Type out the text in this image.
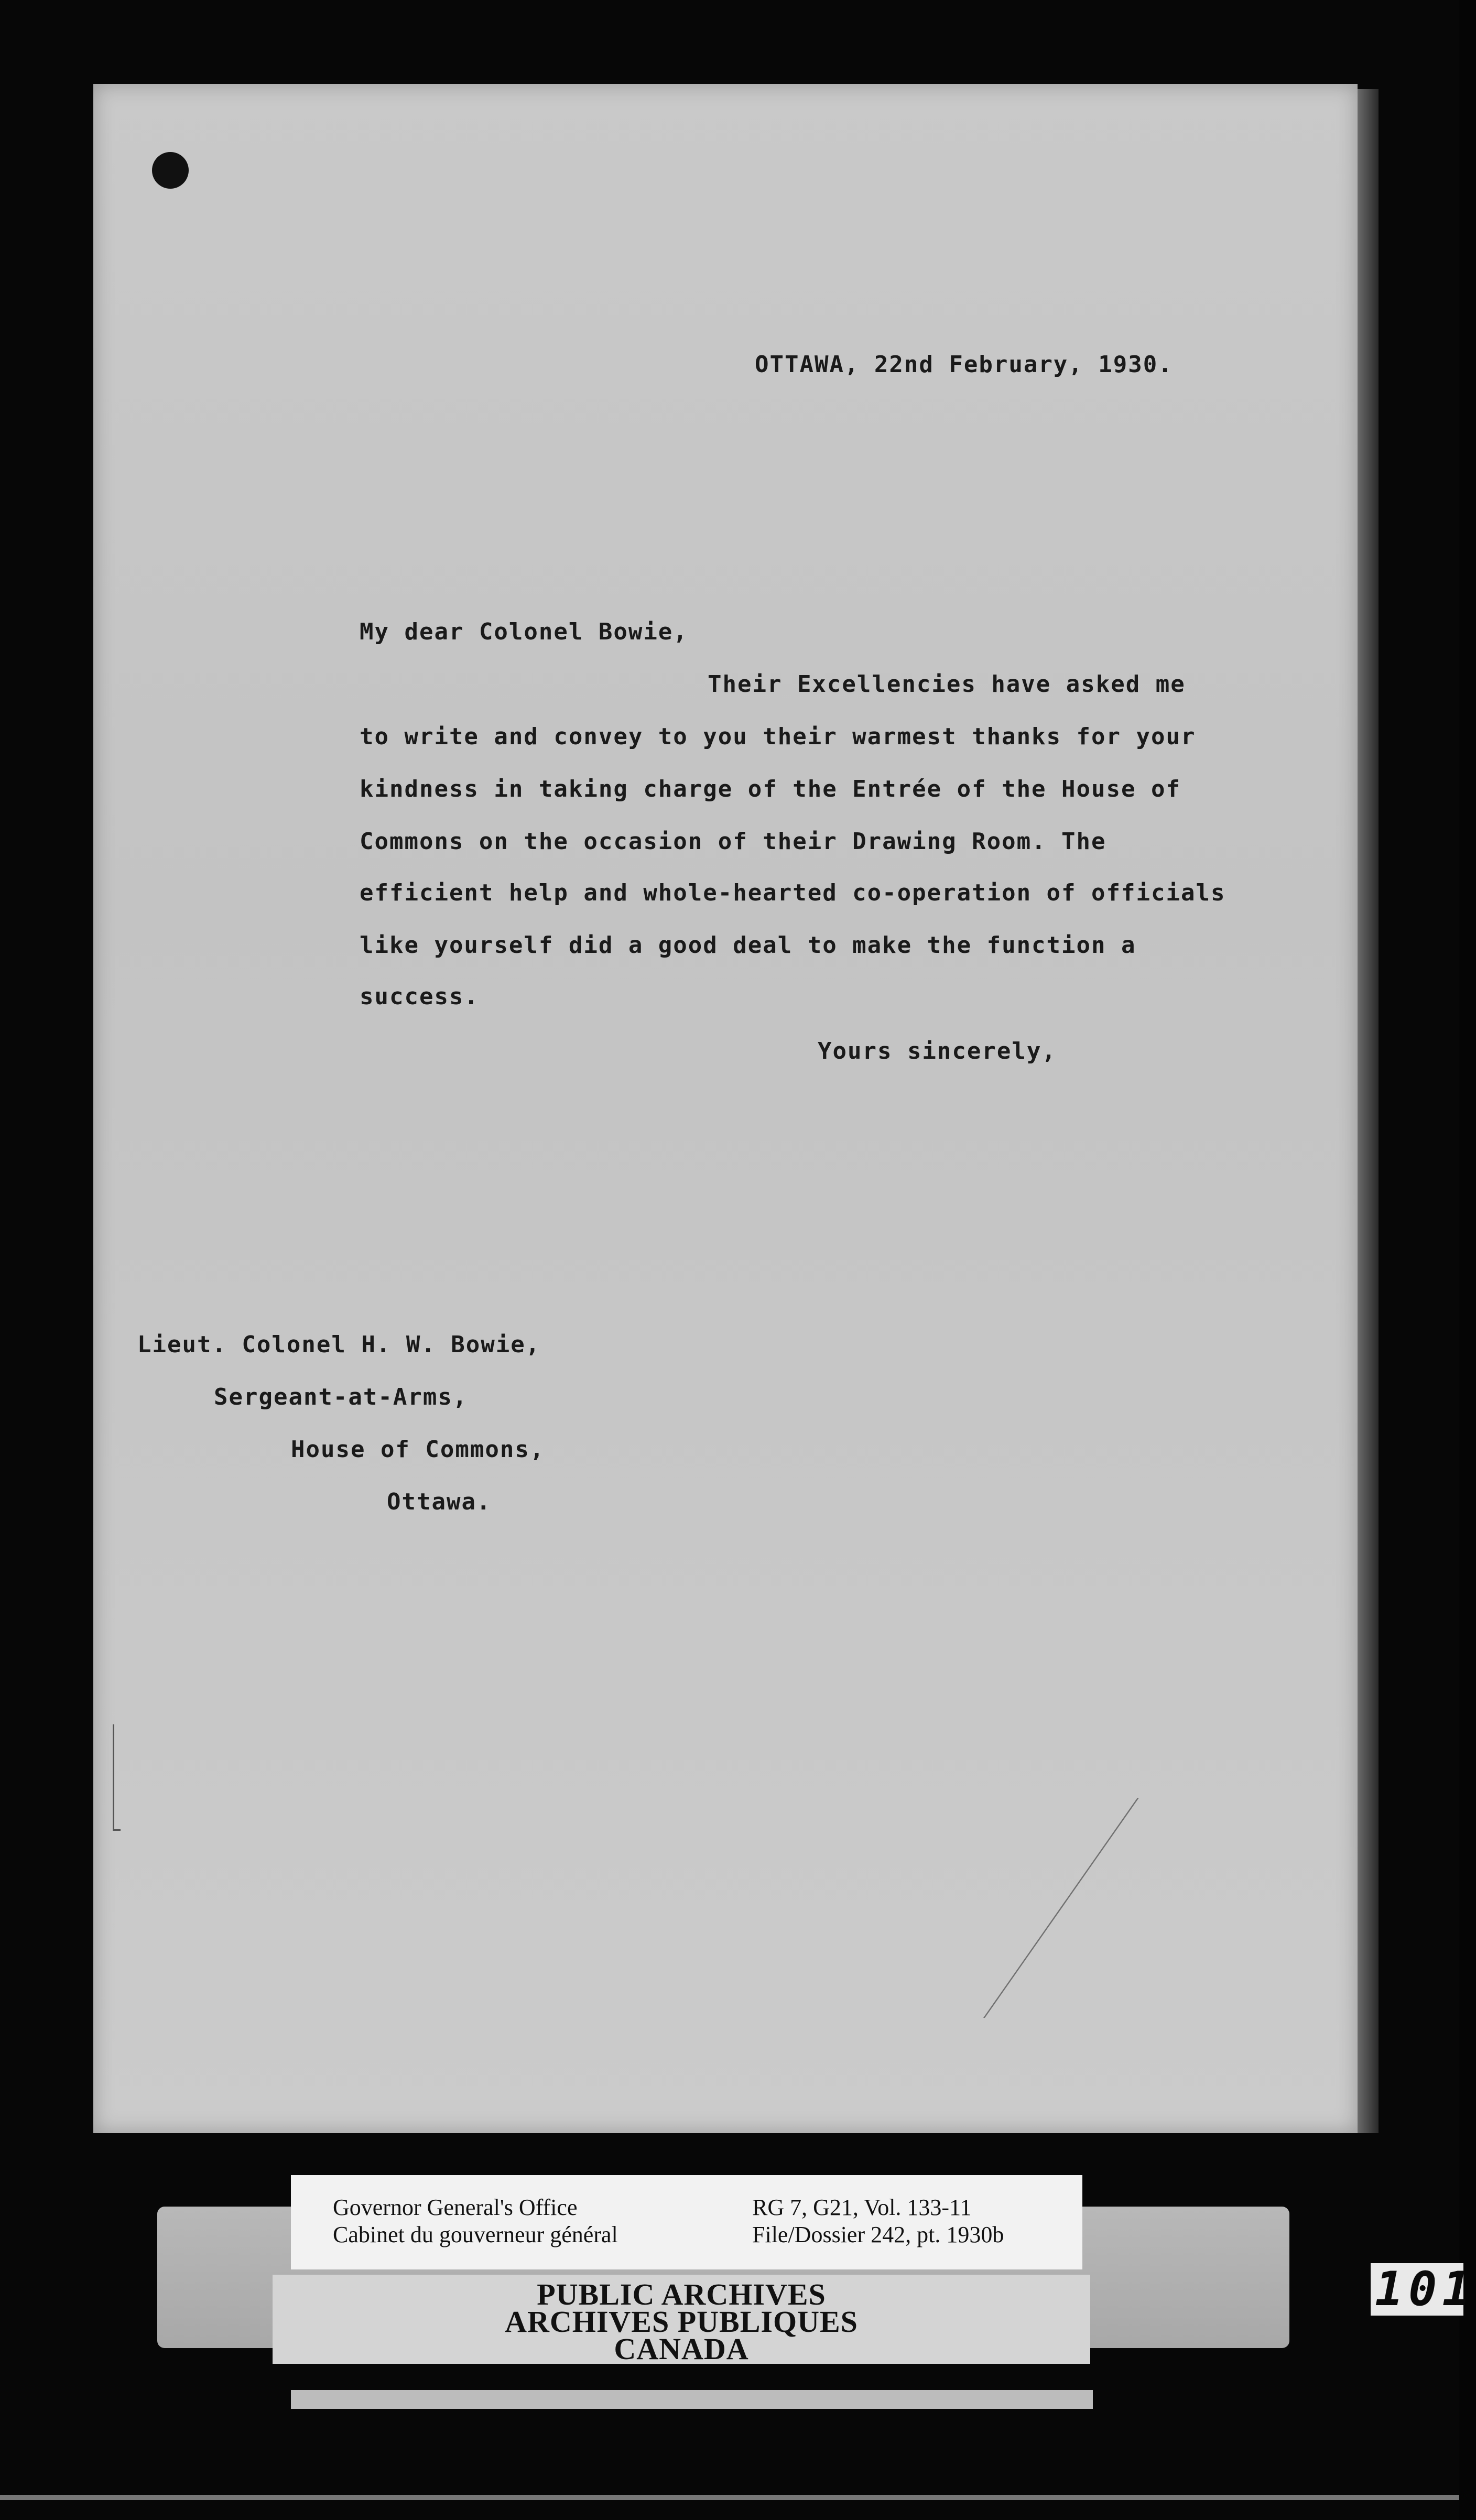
OTTAWA, 22nd February, 1930.
My dear Colonel Bowie,
Their Excellencies have asked me
to write and convey to you their warmest thanks for your
kindness in taking charge of the Entrée of the House of
Commons on the occasion of their Drawing Room. The
efficient help and whole-hearted co-operation of officials
like yourself did a good deal to make the function a
success.
Yours sincerely,
Lieut. Colonel H. W. Bowie,
Sergeant-at-Arms,
House of Commons,
Ottawa.
Governor General's Office
Cabinet du gouverneur général
RG 7, G21, Vol. 133-11
File/Dossier 242, pt. 1930b
PUBLIC ARCHIVES
ARCHIVES PUBLIQUES
CANADA
101
